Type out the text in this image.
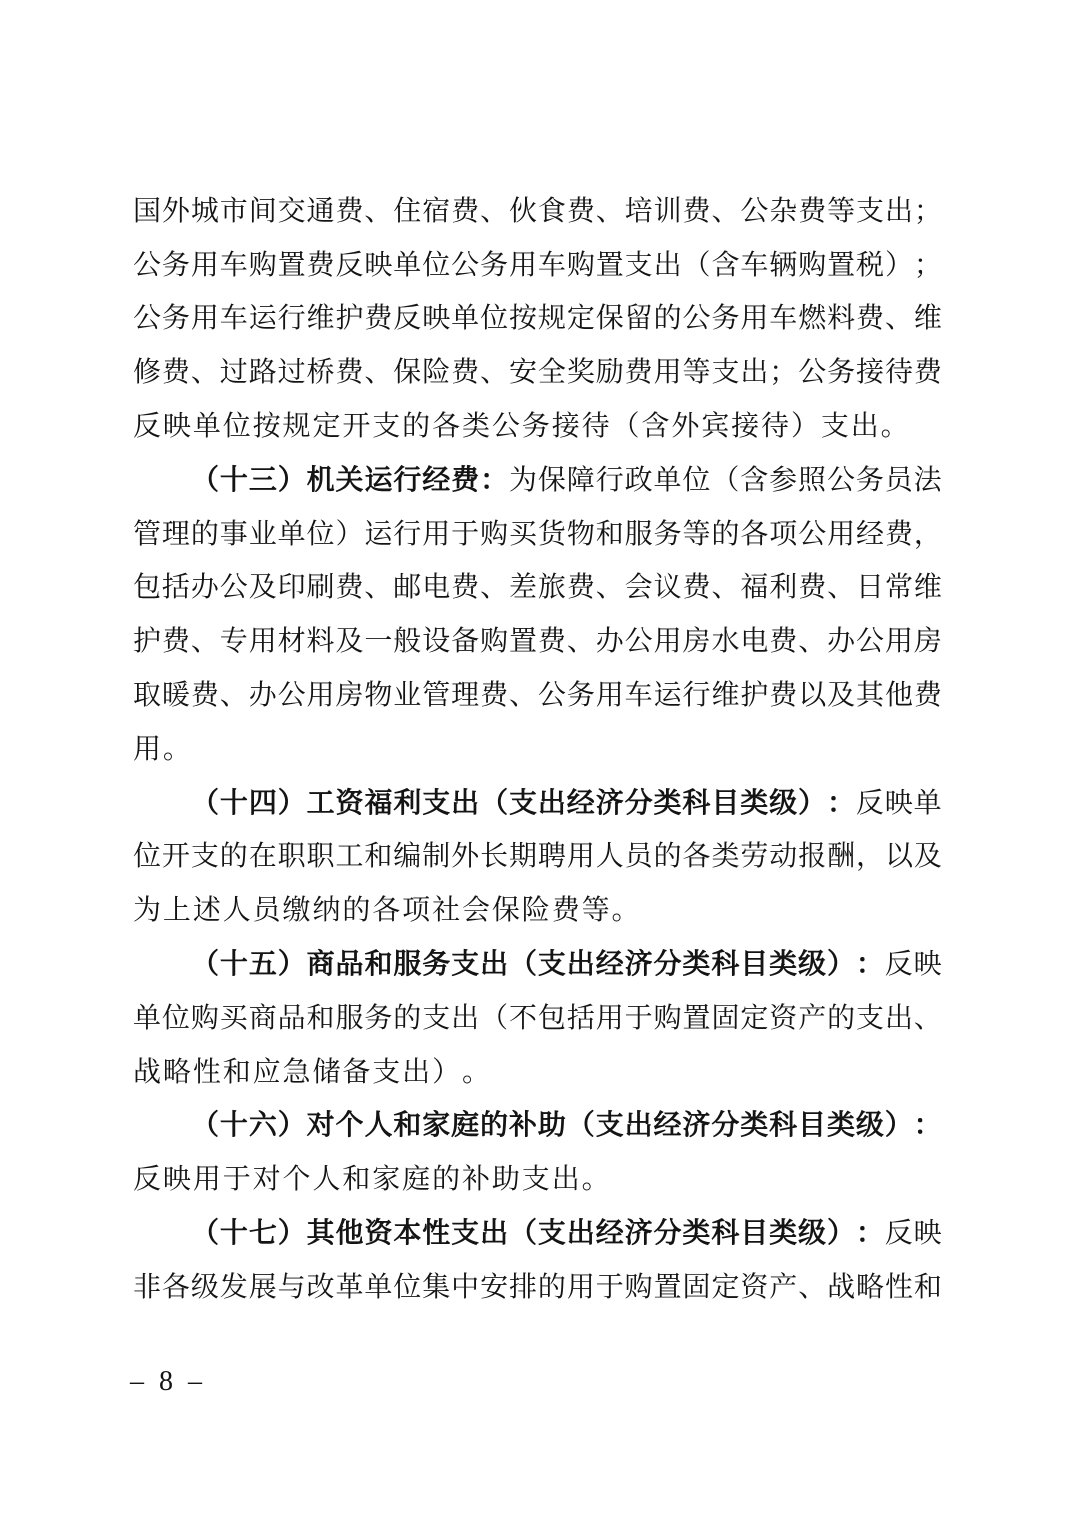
国 外 城 市 间 交 通 费 、 住 宿 费 、 伙 食 费 、 培 训 费 、 公 杂 费 等 支 出 ；
公 务 用 车 购 置 费 反 映 单 位 公 务 用 车 购 置 支 出 （ 含 车 辆 购 置 税 ） ；
公 务 用 车 运 行 维 护 费 反 映 单 位 按 规 定 保 留 的 公 务 用 车 燃 料 费 、 维
修 费 、 过 路 过 桥 费 、 保 险 费 、 安 全 奖 励 费 用 等 支 出 ； 公 务 接 待 费
反 映 单 位 按 规 定 开 支 的 各 类 公 务 接 待 （ 含 外 宾 接 待 ） 支 出 。
（ 十 三 ） 机 关 运 行 经 费 ： 为 保 障 行 政 单 位 （ 含 参 照 公 务 员 法
管 理 的 事 业 单 位 ） 运 行 用 于 购 买 货 物 和 服 务 等 的 各 项 公 用 经 费 ，
包 括 办 公 及 印 刷 费 、 邮 电 费 、 差 旅 费 、 会 议 费 、 福 利 费 、 日 常 维
护 费 、 专 用 材 料 及 一 般 设 备 购 置 费 、 办 公 用 房 水 电 费 、 办 公 用 房
取 暖 费 、 办 公 用 房 物 业 管 理 费 、 公 务 用 车 运 行 维 护 费 以 及 其 他 费
用 。
（ 十 四 ） 工 资 福 利 支 出 （ 支 出 经 济 分 类 科 目 类 级 ） ： 反 映 单
位 开 支 的 在 职 职 工 和 编 制 外 长 期 聘 用 人 员 的 各 类 劳 动 报 酬 ， 以 及
为 上 述 人 员 缴 纳 的 各 项 社 会 保 险 费 等 。
（ 十 五 ） 商 品 和 服 务 支 出 （ 支 出 经 济 分 类 科 目 类 级 ） ： 反 映
单 位 购 买 商 品 和 服 务 的 支 出 （ 不 包 括 用 于 购 置 固 定 资 产 的 支 出 、
战 略 性 和 应 急 储 备 支 出 ） 。
（ 十 六 ） 对 个 人 和 家 庭 的 补 助 （ 支 出 经 济 分 类 科 目 类 级 ） ：
反 映 用 于 对 个 人 和 家 庭 的 补 助 支 出 。
（ 十 七 ） 其 他 资 本 性 支 出 （ 支 出 经 济 分 类 科 目 类 级 ） ： 反 映
非 各 级 发 展 与 改 革 单 位 集 中 安 排 的 用 于 购 置 固 定 资 产 、 战 略 性 和
– 8 –
